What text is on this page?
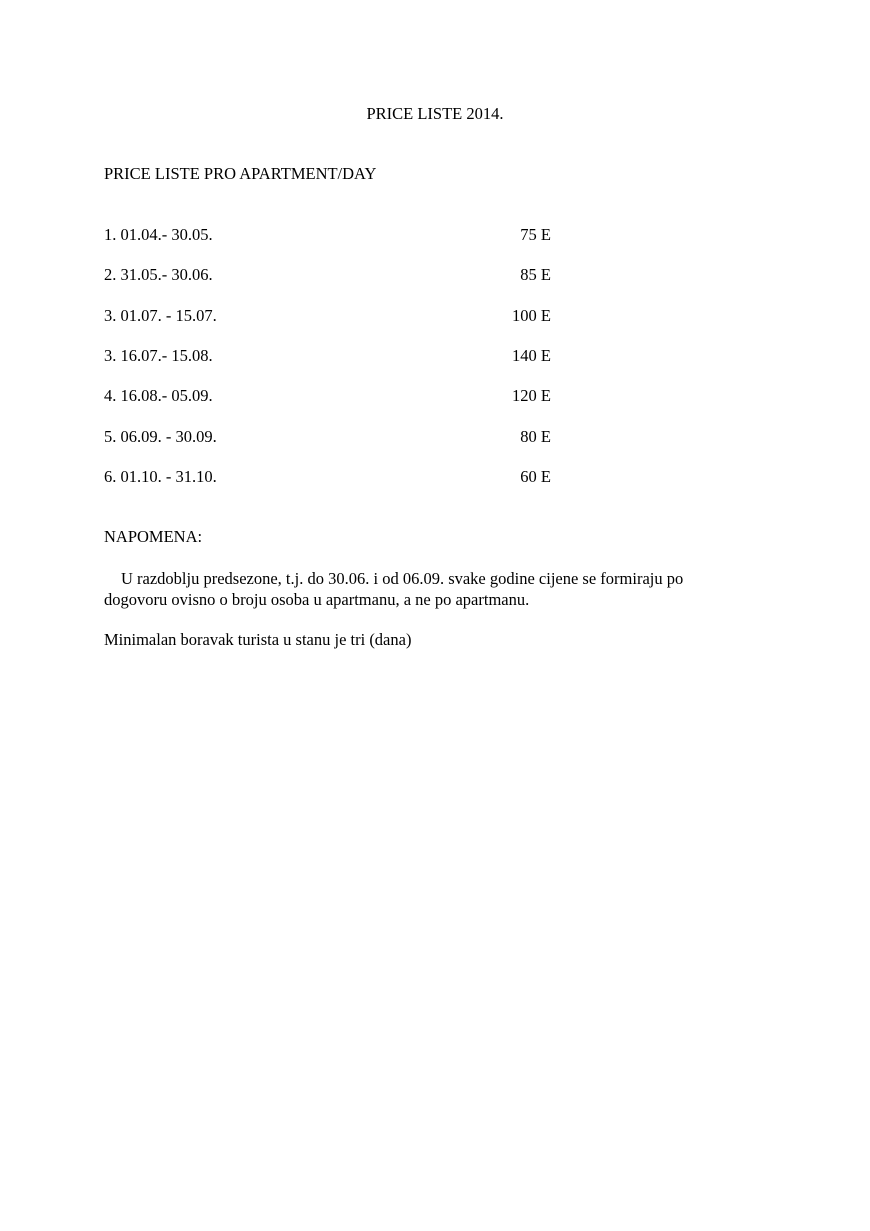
PRICE LISTE 2014.
PRICE LISTE PRO APARTMENT/DAY
1. 01.04.- 30.05.	75 E
2. 31.05.- 30.06.	85 E
3. 01.07. - 15.07.	100 E
3. 16.07.- 15.08.	140 E
4. 16.08.- 05.09.	120 E
5. 06.09. - 30.09.	80 E
6. 01.10. - 31.10.	60 E
NAPOMENA:

U razdoblju predsezone, t.j. do 30.06. i od 06.09. svake godine cijene se formiraju po dogovoru ovisno o broju osoba u apartmanu, a ne po apartmanu.

Minimalan boravak turista u stanu je tri (dana)
